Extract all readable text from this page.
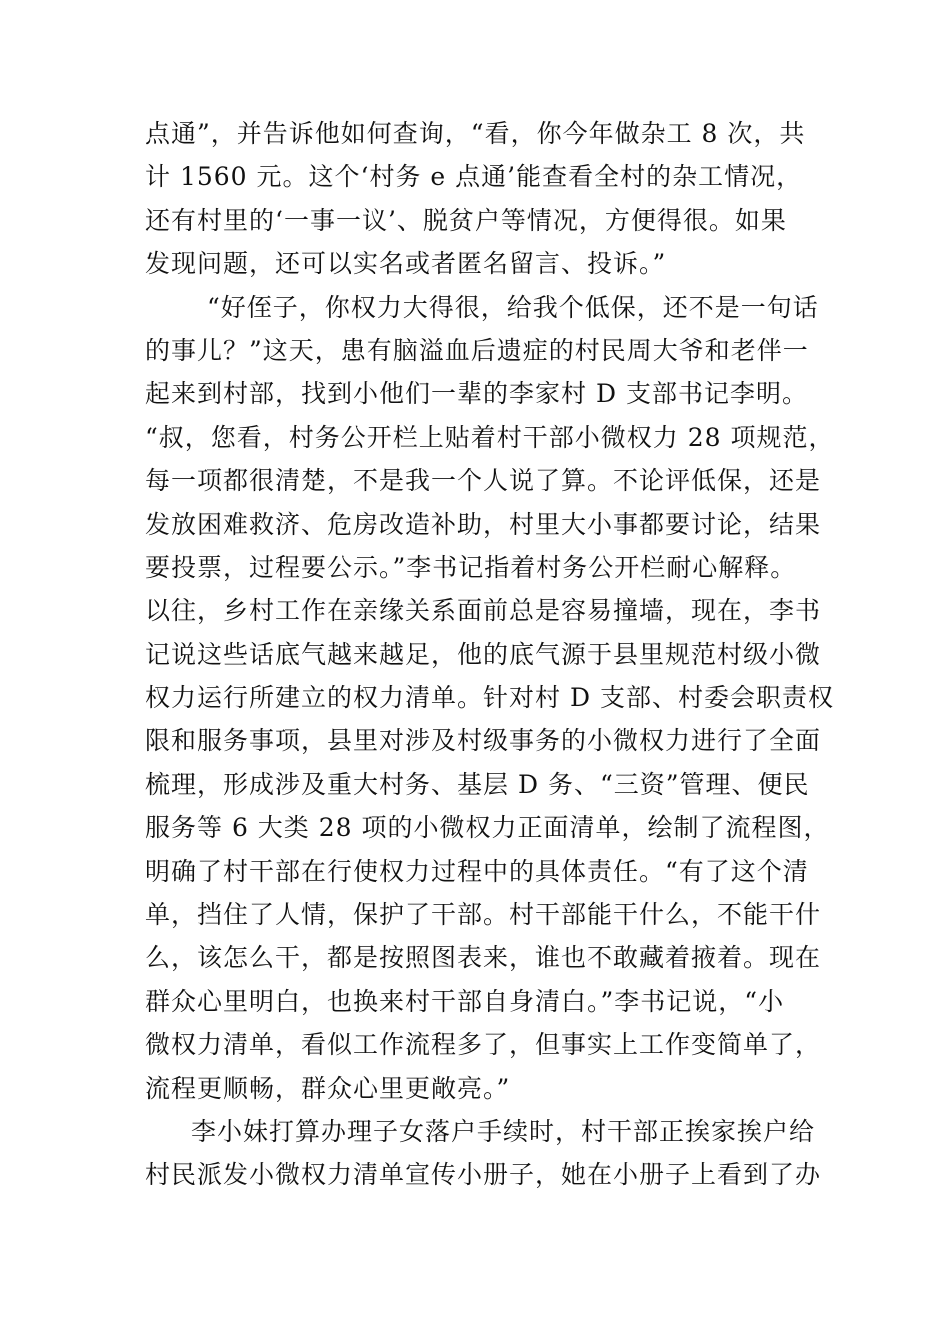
点通”，并告诉他如何查询，“看，你今年做杂工 8 次，共
计 1560 元。这个‘村务 e 点通’能查看全村的杂工情况，
还有村里的‘一事一议’、脱贫户等情况，方便得很。如果
发现问题，还可以实名或者匿名留言、投诉。”
“好侄子，你权力大得很，给我个低保，还不是一句话
的事儿？”这天，患有脑溢血后遗症的村民周大爷和老伴一
起来到村部，找到小他们一辈的李家村 D 支部书记李明。
“叔，您看，村务公开栏上贴着村干部小微权力 28 项规范，
每一项都很清楚，不是我一个人说了算。不论评低保，还是
发放困难救济、危房改造补助，村里大小事都要讨论，结果
要投票，过程要公示。”李书记指着村务公开栏耐心解释。
以往，乡村工作在亲缘关系面前总是容易撞墙，现在，李书
记说这些话底气越来越足，他的底气源于县里规范村级小微
权力运行所建立的权力清单。针对村 D 支部、村委会职责权
限和服务事项，县里对涉及村级事务的小微权力进行了全面
梳理，形成涉及重大村务、基层 D 务、“三资”管理、便民
服务等 6 大类 28 项的小微权力正面清单，绘制了流程图，
明确了村干部在行使权力过程中的具体责任。“有了这个清
单，挡住了人情，保护了干部。村干部能干什么，不能干什
么，该怎么干，都是按照图表来，谁也不敢藏着掖着。现在
群众心里明白，也换来村干部自身清白。”李书记说，“小
微权力清单，看似工作流程多了，但事实上工作变简单了，
流程更顺畅，群众心里更敞亮。”
李小妹打算办理子女落户手续时，村干部正挨家挨户给
村民派发小微权力清单宣传小册子，她在小册子上看到了办
